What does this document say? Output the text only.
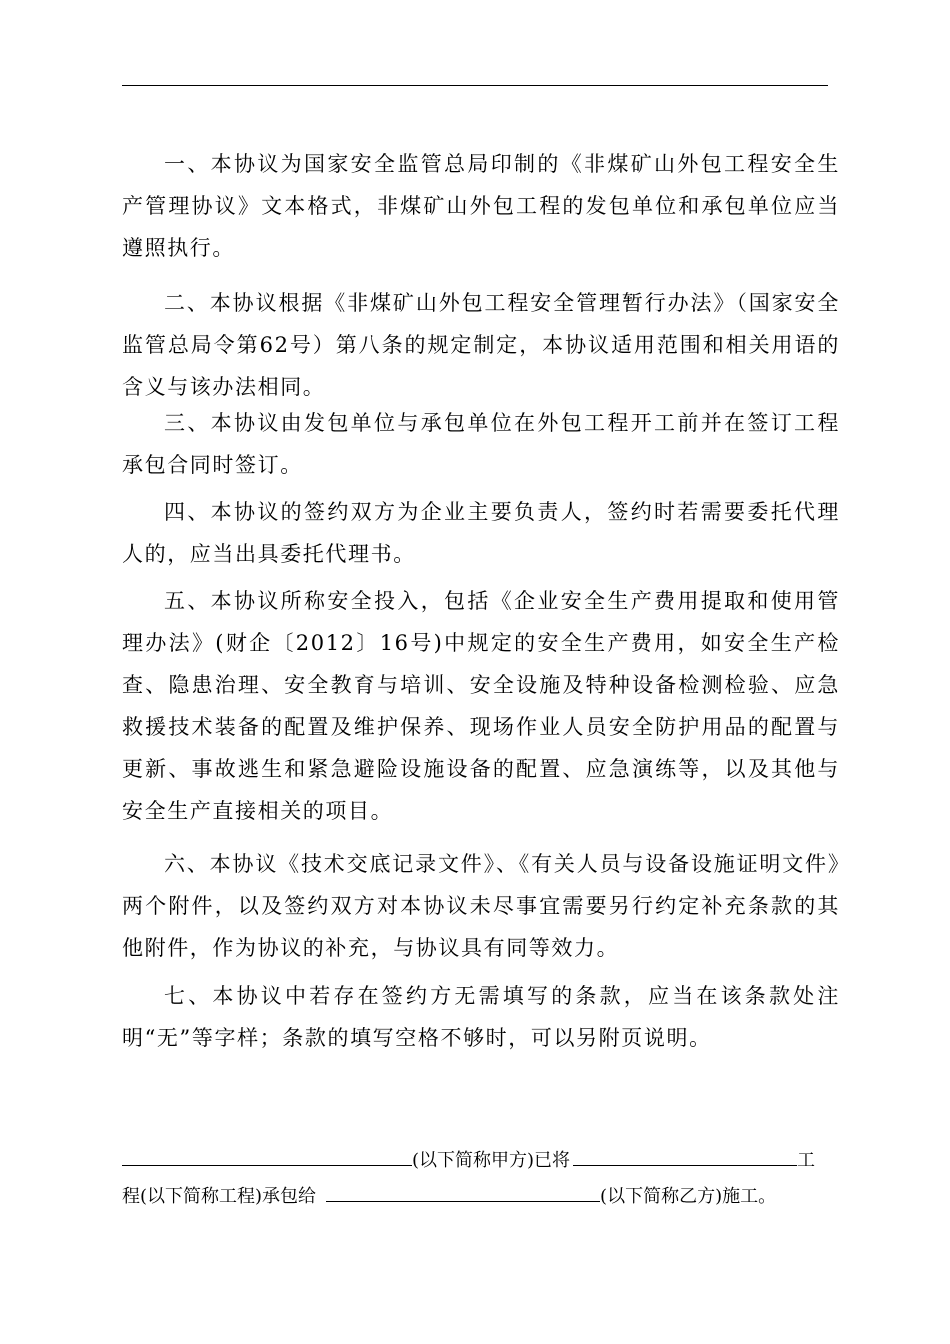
一、本协议为国家安全监管总局印制的《非煤矿山外包工程安全生产管理协议》文本格式，非煤矿山外包工程的发包单位和承包单位应当遵照执行。

二、本协议根据《非煤矿山外包工程安全管理暂行办法》（国家安全监管总局令第62号）第八条的规定制定，本协议适用范围和相关用语的含义与该办法相同。

三、本协议由发包单位与承包单位在外包工程开工前并在签订工程承包合同时签订。

四、本协议的签约双方为企业主要负责人，签约时若需要委托代理人的，应当出具委托代理书。

五、本协议所称安全投入，包括《企业安全生产费用提取和使用管理办法》(财企〔2012〕16号)中规定的安全生产费用，如安全生产检查、隐患治理、安全教育与培训、安全设施及特种设备检测检验、应急救援技术装备的配置及维护保养、现场作业人员安全防护用品的配置与更新、事故逃生和紧急避险设施设备的配置、应急演练等，以及其他与安全生产直接相关的项目。

六、本协议《技术交底记录文件》、《有关人员与设备设施证明文件》两个附件，以及签约双方对本协议未尽事宜需要另行约定补充条款的其他附件，作为协议的补充，与协议具有同等效力。

七、本协议中若存在签约方无需填写的条款，应当在该条款处注明“无”等字样；条款的填写空格不够时，可以另附页说明。

(以下简称甲方)已将	工
程(以下简称工程)承包给	(以下简称乙方)施工。
